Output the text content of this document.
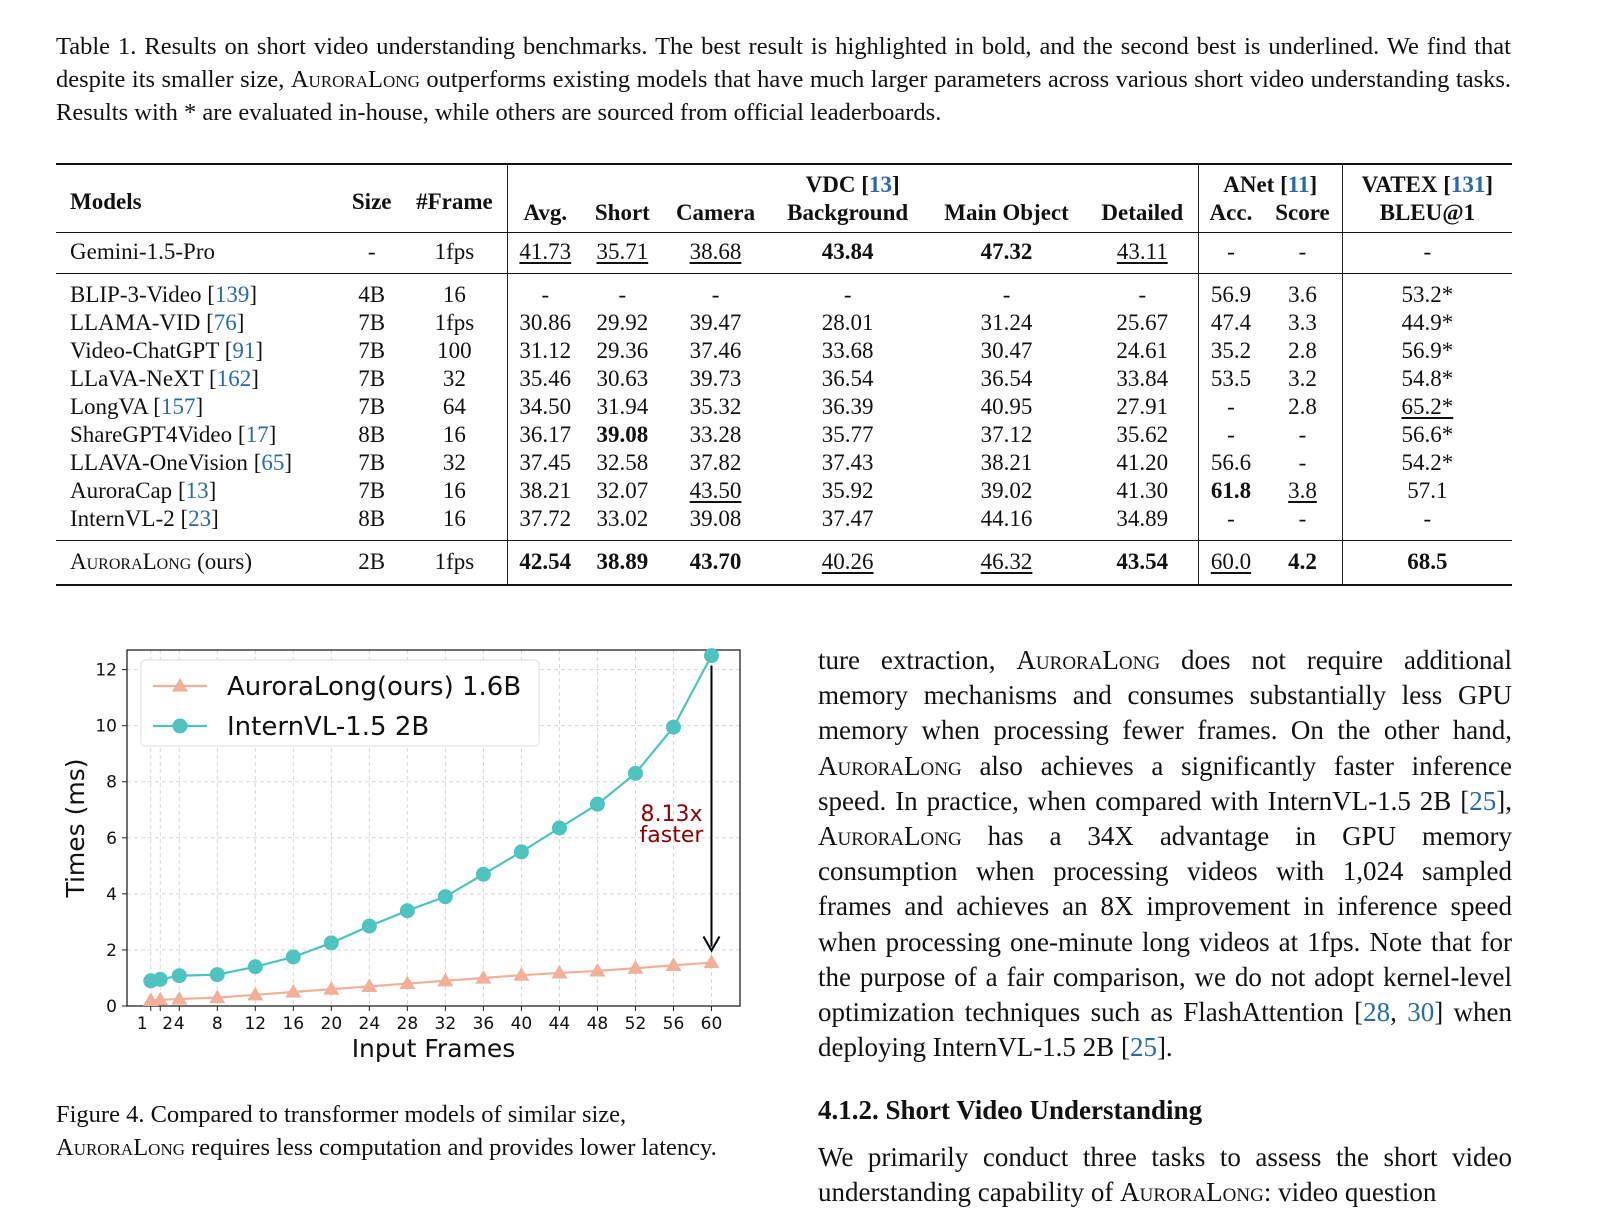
Table 1. Results on short video understanding benchmarks. The best result is highlighted in bold, and the second best is underlined. We find that despite its smaller size, AuroraLong outperforms existing models that have much larger parameters across various short video understanding tasks. Results with * are evaluated in-house, while others are sourced from official leaderboards.
Models	Size	#Frame	VDC [13]						ANet [11]		VATEX [131]
			Avg.	Short	Camera	Background	Main Object	Detailed	Acc.	Score	BLEU@1
Gemini-1.5-Pro	-	1fps	41.73	35.71	38.68	43.84	47.32	43.11	-	-	-
BLIP-3-Video [139]	4B	16	-	-	-	-	-	-	56.9	3.6	53.2*
LLAMA-VID [76]	7B	1fps	30.86	29.92	39.47	28.01	31.24	25.67	47.4	3.3	44.9*
Video-ChatGPT [91]	7B	100	31.12	29.36	37.46	33.68	30.47	24.61	35.2	2.8	56.9*
LLaVA-NeXT [162]	7B	32	35.46	30.63	39.73	36.54	36.54	33.84	53.5	3.2	54.8*
LongVA [157]	7B	64	34.50	31.94	35.32	36.39	40.95	27.91	-	2.8	65.2*
ShareGPT4Video [17]	8B	16	36.17	39.08	33.28	35.77	37.12	35.62	-	-	56.6*
LLAVA-OneVision [65]	7B	32	37.45	32.58	37.82	37.43	38.21	41.20	56.6	-	54.2*
AuroraCap [13]	7B	16	38.21	32.07	43.50	35.92	39.02	41.30	61.8	3.8	57.1
InternVL-2 [23]	8B	16	37.72	33.02	39.08	37.47	44.16	34.89	-	-	-
AuroraLong (ours)	2B	1fps	42.54	38.89	43.70	40.26	46.32	43.54	60.0	4.2	68.5
1 2 4 8 12 16 20 24 28 32 36 40 44 48 52 56 60
0
2
4
6
8
10
12
Input Frames
Times (ms)	8.13x
faster
AuroraLong(ours) 1.6B
InternVL-1.5 2B
Figure 4. Compared to transformer models of similar size, AuroraLong requires less computation and provides lower latency.
ture extraction, AuroraLong does not require additional memory mechanisms and consumes substantially less GPU memory when processing fewer frames. On the other hand, AuroraLong also achieves a significantly faster inference speed. In practice, when compared with InternVL-1.5 2B [25], AuroraLong has a 34X advantage in GPU memory consumption when processing videos with 1,024 sampled frames and achieves an 8X improvement in inference speed when processing one-minute long videos at 1fps. Note that for the purpose of a fair comparison, we do not adopt kernel-level optimization techniques such as FlashAttention [28, 30] when deploying InternVL-1.5 2B [25].
4.1.2. Short Video Understanding
We primarily conduct three tasks to assess the short video understanding capability of AuroraLong: video question
